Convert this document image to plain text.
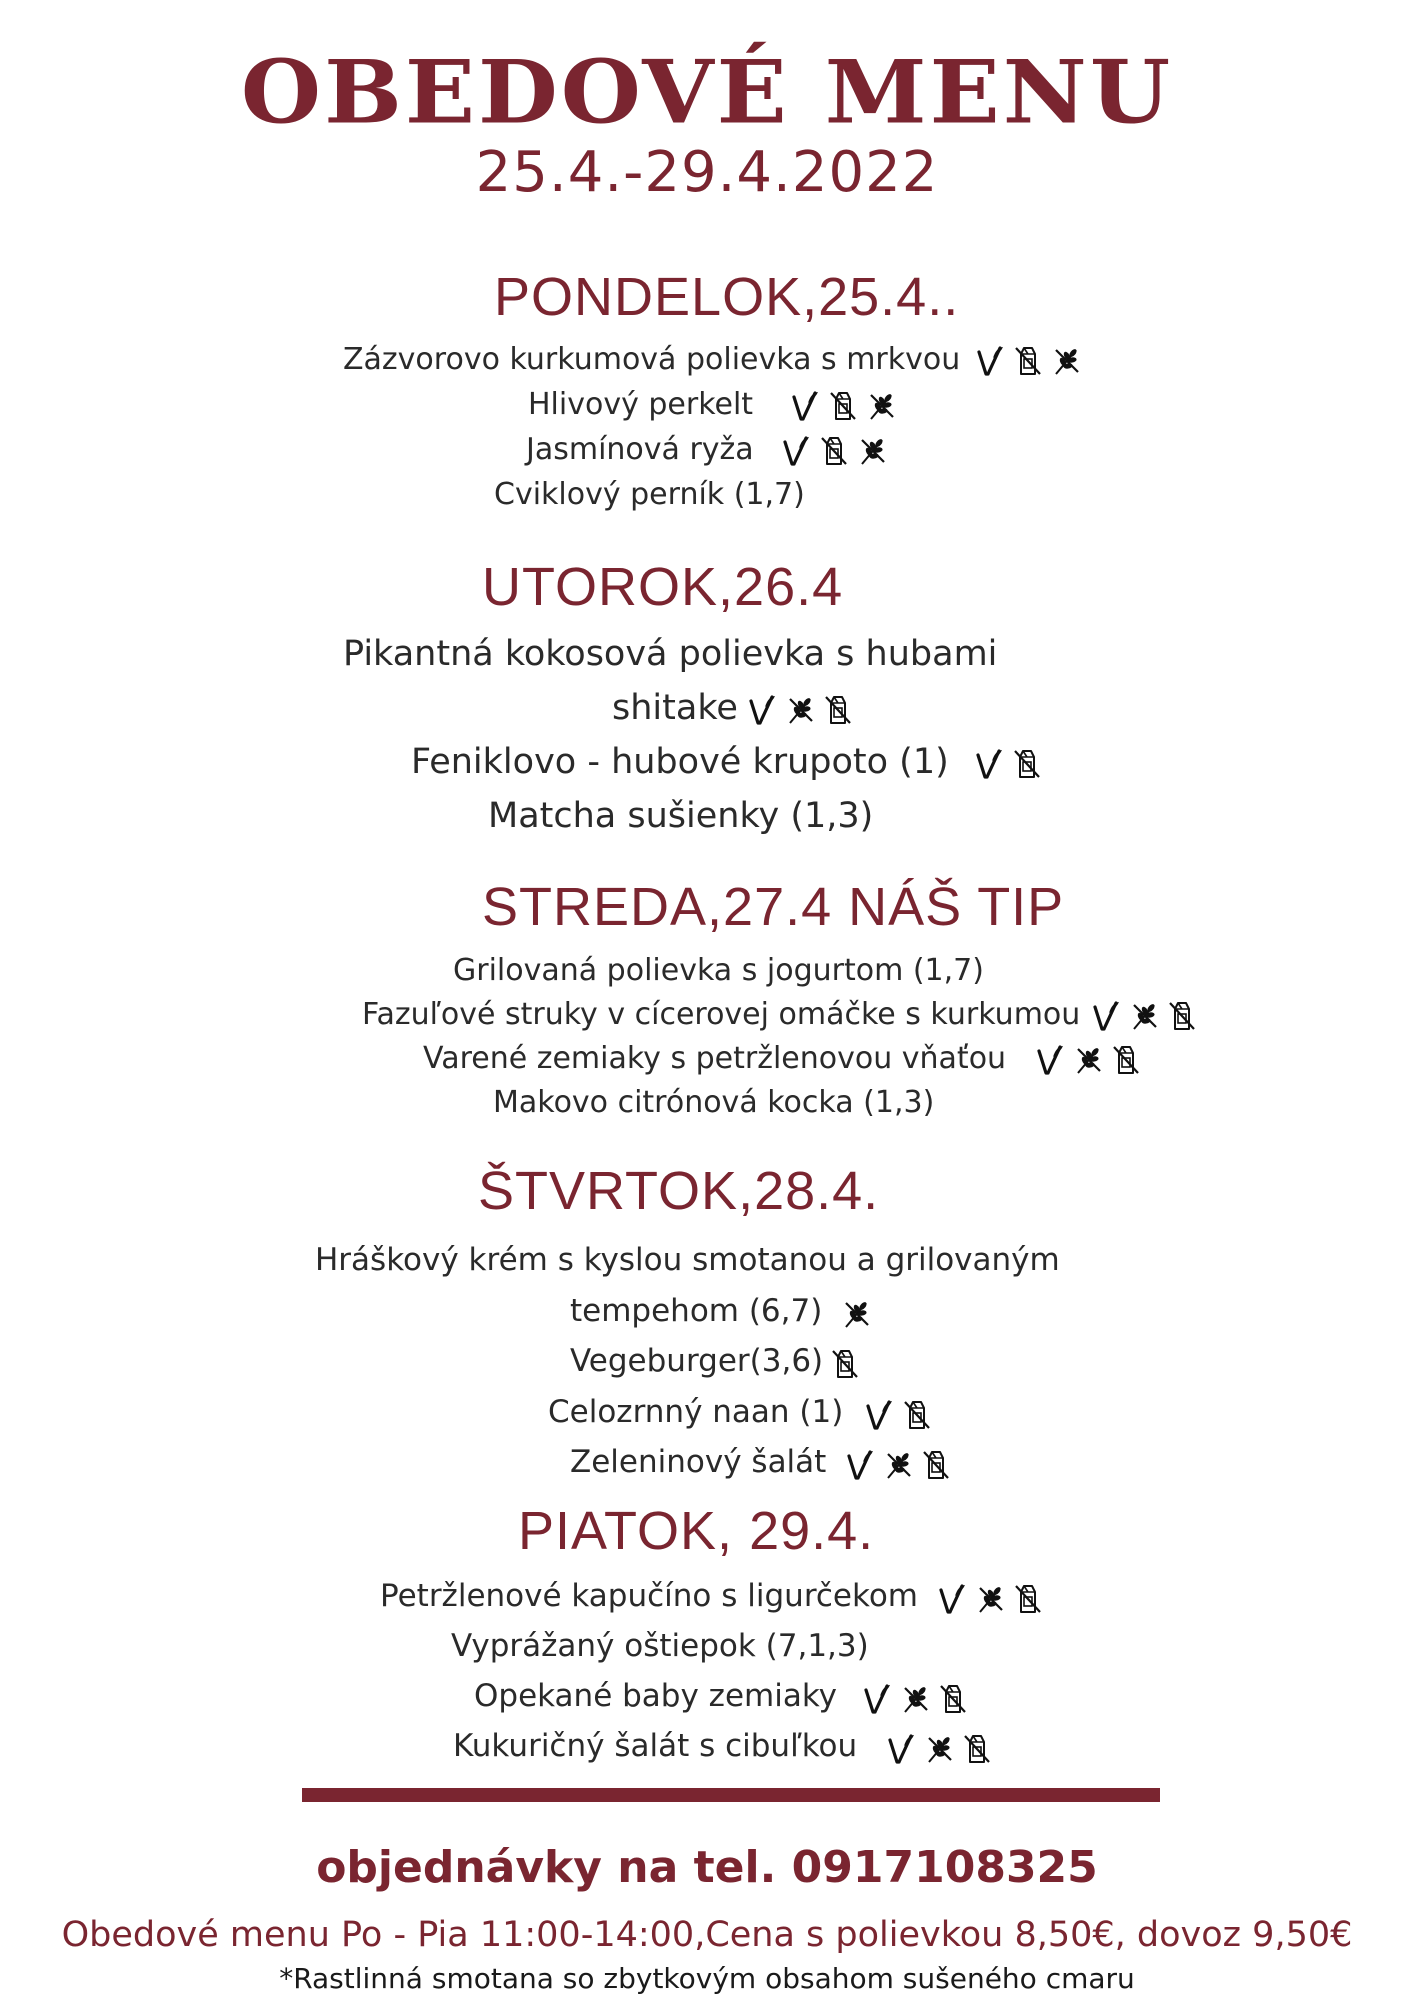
OBEDOVÉ MENU
25.4.-29.4.2022
PONDELOK,25.4..
Zázvorovo kurkumová polievka s mrkvou
Hlivový perkelt
Jasmínová ryža
Cviklový perník (1,7)
UTOROK,26.4
Pikantná kokosová polievka s hubami
shitake
Feniklovo - hubové krupoto (1)
Matcha sušienky (1,3)
STREDA,27.4 NÁŠ TIP
Grilovaná polievka s jogurtom (1,7)
Fazuľové struky v cícerovej omáčke s kurkumou
Varené zemiaky s petržlenovou vňaťou
Makovo citrónová kocka (1,3)
ŠTVRTOK,28.4.
Hráškový krém s kyslou smotanou a grilovaným
tempehom (6,7)
Vegeburger(3,6)
Celozrnný naan (1)
Zeleninový šalát
PIATOK, 29.4.
Petržlenové kapučíno s ligurčekom
Vyprážaný oštiepok (7,1,3)
Opekané baby zemiaky
Kukuričný šalát s cibuľkou
objednávky na tel. 0917108325
Obedové menu Po - Pia 11:00-14:00,Cena s polievkou 8,50€, dovoz 9,50€
*Rastlinná smotana so zbytkovým obsahom sušeného cmaru
